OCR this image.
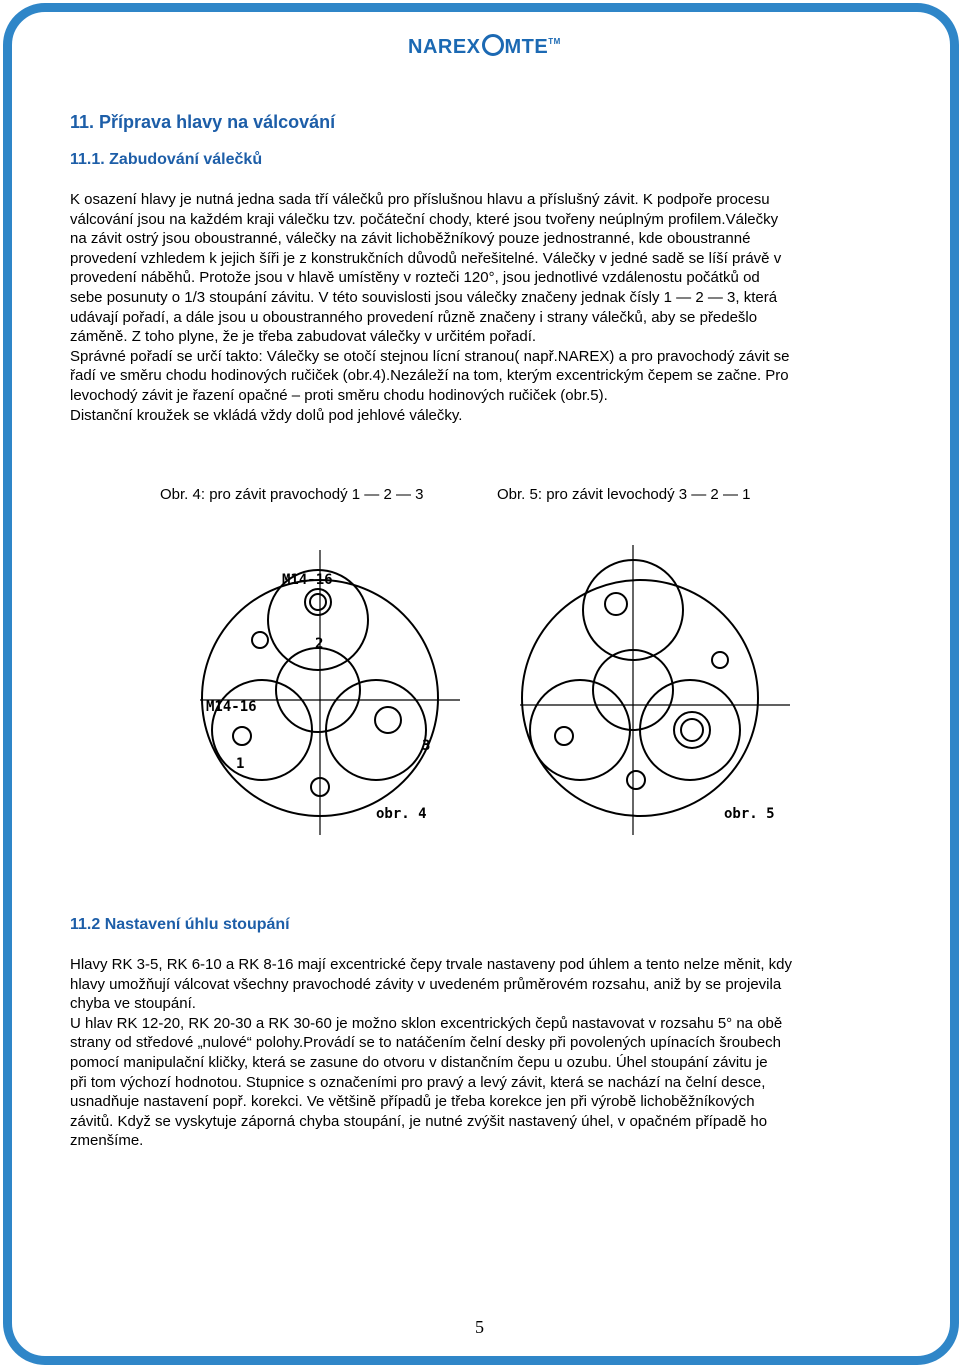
NAREX MTE™
11. Příprava hlavy na válcování
11.1. Zabudování válečků
K osazení hlavy je nutná jedna sada tří válečků pro příslušnou hlavu a příslušný závit. K podpoře procesu
válcování jsou na každém kraji válečku tzv. počáteční chody, které jsou tvořeny neúplným profilem.Válečky
na závit ostrý jsou oboustranné, válečky na závit lichoběžníkový pouze jednostranné, kde oboustranné
provedení vzhledem k jejich šíři je z konstrukčních důvodů neřešitelné. Válečky v jedné sadě se líší právě v
provedení náběhů. Protože jsou v hlavě umístěny v rozteči 120°, jsou jednotlivé vzdálenostu počátků od
sebe posunuty o 1/3 stoupání závitu. V této souvislosti jsou válečky značeny jednak čísly 1 — 2 — 3, která
udávají pořadí, a dále jsou u oboustranného provedení různě značeny i strany válečků, aby se předešlo
záměně. Z toho plyne, že je třeba zabudovat válečky v určitém pořadí.
Správné pořadí se určí takto: Válečky se otočí stejnou lícní stranou( např.NAREX) a pro pravochodý závit se
řadí ve směru chodu hodinových ručiček (obr.4).Nezáleží na tom, kterým excentrickým čepem se začne. Pro
levochodý závit je řazení opačné – proti směru chodu hodinových ručiček (obr.5).
Distanční kroužek se vkládá vždy dolů pod jehlové válečky.
Obr. 4: pro závit pravochodý 1 — 2 — 3	Obr. 5: pro závit levochodý 3 — 2 — 1
M14-16
M14-16
2
1
3
obr. 4	obr. 5
11.2 Nastavení úhlu stoupání
Hlavy RK 3-5, RK 6-10 a RK 8-16 mají excentrické čepy trvale nastaveny pod úhlem a tento nelze měnit, kdy
hlavy umožňují válcovat všechny pravochodé závity v uvedeném průměrovém rozsahu, aniž by se projevila
chyba ve stoupání.
U hlav RK 12-20, RK 20-30 a RK 30-60 je možno sklon excentrických čepů nastavovat v rozsahu 5° na obě
strany od středové „nulové“ polohy.Provádí se to natáčením čelní desky při povolených upínacích šroubech
pomocí manipulační kličky, která se zasune do otvoru v distančním čepu u ozubu. Úhel stoupání závitu je
při tom výchozí hodnotou. Stupnice s označeními pro pravý a levý závit, která se nachází na čelní desce,
usnadňuje nastavení popř. korekci. Ve většině případů je třeba korekce jen při výrobě lichoběžníkových
závitů. Když se vyskytuje záporná chyba stoupání, je nutné zvýšit nastavený úhel, v opačném případě ho
zmenšíme.
5
